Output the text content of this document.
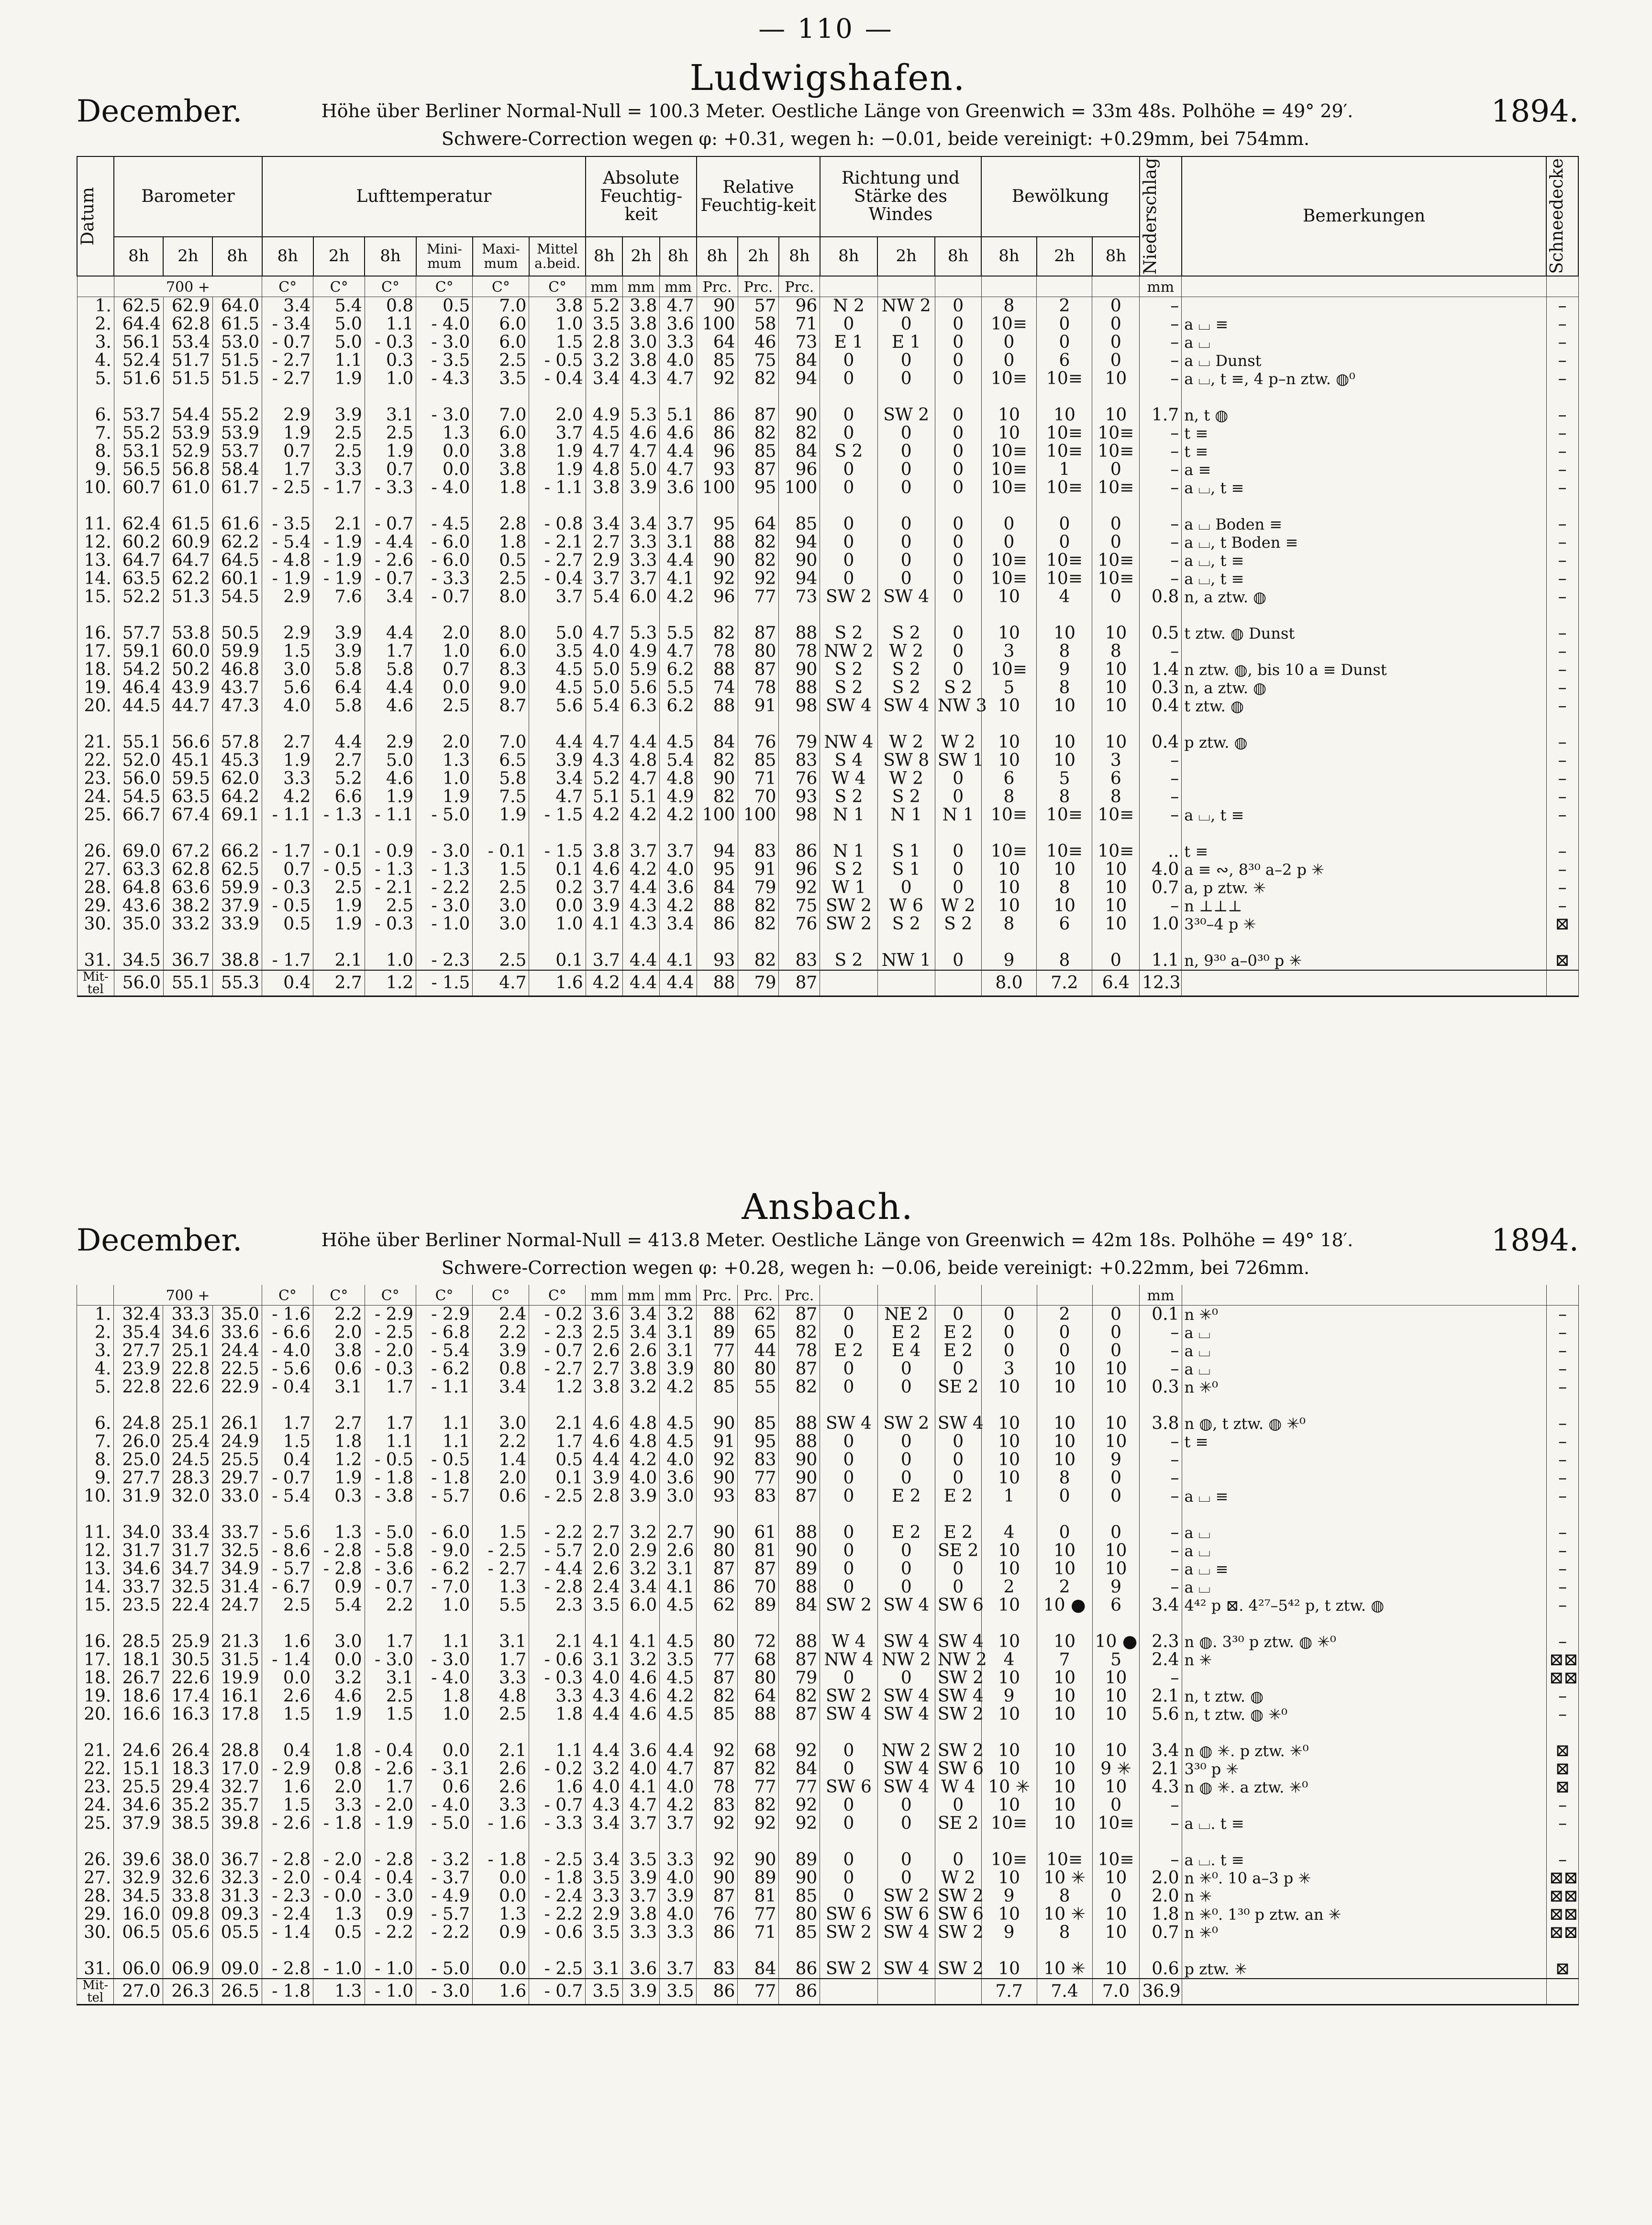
— 110 —
Ludwigshafen.
December.	Höhe über Berliner Normal-Null = 100.3 Meter. Oestliche Länge von Greenwich = 33m 48s. Polhöhe = 49° 29′.	1894.
Schwere-Correction wegen φ: +0.31, wegen h: −0.01, beide vereinigt: +0.29mm, bei 754mm.
Datum	Barometer			Lufttemperatur						Absolute Feuchtig-keit			Relative Feuchtig-keit			Richtung und Stärke des Windes			Bewölkung			Niederschlag	Bemerkungen	Schneedecke

	8h	2h	8h	8h	2h	8h	Mini-mum	Maxi-mum	Mittel a.beid.	8h	2h	8h	8h	2h	8h	8h	2h	8h	8h	2h	8h			
	700 +			C°	C°	C°	C°	C°	C°	mm	mm	mm	Prc.	Prc.	Prc.							mm		
1.	62.5	62.9	64.0	3.4	5.4	0.8	0.5	7.0	3.8	5.2	3.8	4.7	90	57	96	N 2	NW 2	0	8	2	0	–		–
2.	64.4	62.8	61.5	- 3.4	5.0	1.1	- 4.0	6.0	1.0	3.5	3.8	3.6	100	58	71	0	0	0	10≡	0	0	–	a ⌴ ≡	–
3.	56.1	53.4	53.0	- 0.7	5.0	- 0.3	- 3.0	6.0	1.5	2.8	3.0	3.3	64	46	73	E 1	E 1	0	0	0	0	–	a ⌴	–
4.	52.4	51.7	51.5	- 2.7	1.1	0.3	- 3.5	2.5	- 0.5	3.2	3.8	4.0	85	75	84	0	0	0	0	6	0	–	a ⌴ Dunst	–
5.	51.6	51.5	51.5	- 2.7	1.9	1.0	- 4.3	3.5	- 0.4	3.4	4.3	4.7	92	82	94	0	0	0	10≡	10≡	10	–	a ⌴, t ≡, 4 p–n ztw. ◍⁰	–

6.	53.7	54.4	55.2	2.9	3.9	3.1	- 3.0	7.0	2.0	4.9	5.3	5.1	86	87	90	0	SW 2	0	10	10	10	1.7	n, t ◍	–
7.	55.2	53.9	53.9	1.9	2.5	2.5	1.3	6.0	3.7	4.5	4.6	4.6	86	82	82	0	0	0	10	10≡	10≡	–	t ≡	–
8.	53.1	52.9	53.7	0.7	2.5	1.9	0.0	3.8	1.9	4.7	4.7	4.4	96	85	84	S 2	0	0	10≡	10≡	10≡	–	t ≡	–
9.	56.5	56.8	58.4	1.7	3.3	0.7	0.0	3.8	1.9	4.8	5.0	4.7	93	87	96	0	0	0	10≡	1	0	–	a ≡	–
10.	60.7	61.0	61.7	- 2.5	- 1.7	- 3.3	- 4.0	1.8	- 1.1	3.8	3.9	3.6	100	95	100	0	0	0	10≡	10≡	10≡	–	a ⌴, t ≡	–

11.	62.4	61.5	61.6	- 3.5	2.1	- 0.7	- 4.5	2.8	- 0.8	3.4	3.4	3.7	95	64	85	0	0	0	0	0	0	–	a ⌴ Boden ≡	–
12.	60.2	60.9	62.2	- 5.4	- 1.9	- 4.4	- 6.0	1.8	- 2.1	2.7	3.3	3.1	88	82	94	0	0	0	0	0	0	–	a ⌴, t Boden ≡	–
13.	64.7	64.7	64.5	- 4.8	- 1.9	- 2.6	- 6.0	0.5	- 2.7	2.9	3.3	4.4	90	82	90	0	0	0	10≡	10≡	10≡	–	a ⌴, t ≡	–
14.	63.5	62.2	60.1	- 1.9	- 1.9	- 0.7	- 3.3	2.5	- 0.4	3.7	3.7	4.1	92	92	94	0	0	0	10≡	10≡	10≡	–	a ⌴, t ≡	–
15.	52.2	51.3	54.5	2.9	7.6	3.4	- 0.7	8.0	3.7	5.4	6.0	4.2	96	77	73	SW 2	SW 4	0	10	4	0	0.8	n, a ztw. ◍	–

16.	57.7	53.8	50.5	2.9	3.9	4.4	2.0	8.0	5.0	4.7	5.3	5.5	82	87	88	S 2	S 2	0	10	10	10	0.5	t ztw. ◍ Dunst	–
17.	59.1	60.0	59.9	1.5	3.9	1.7	1.0	6.0	3.5	4.0	4.9	4.7	78	80	78	NW 2	W 2	0	3	8	8	–		–
18.	54.2	50.2	46.8	3.0	5.8	5.8	0.7	8.3	4.5	5.0	5.9	6.2	88	87	90	S 2	S 2	0	10≡	9	10	1.4	n ztw. ◍, bis 10 a ≡ Dunst	–
19.	46.4	43.9	43.7	5.6	6.4	4.4	0.0	9.0	4.5	5.0	5.6	5.5	74	78	88	S 2	S 2	S 2	5	8	10	0.3	n, a ztw. ◍	–
20.	44.5	44.7	47.3	4.0	5.8	4.6	2.5	8.7	5.6	5.4	6.3	6.2	88	91	98	SW 4	SW 4	NW 3	10	10	10	0.4	t ztw. ◍	–

21.	55.1	56.6	57.8	2.7	4.4	2.9	2.0	7.0	4.4	4.7	4.4	4.5	84	76	79	NW 4	W 2	W 2	10	10	10	0.4	p ztw. ◍	–
22.	52.0	45.1	45.3	1.9	2.7	5.0	1.3	6.5	3.9	4.3	4.8	5.4	82	85	83	S 4	SW 8	SW 1	10	10	3	–		–
23.	56.0	59.5	62.0	3.3	5.2	4.6	1.0	5.8	3.4	5.2	4.7	4.8	90	71	76	W 4	W 2	0	6	5	6	–		–
24.	54.5	63.5	64.2	4.2	6.6	1.9	1.9	7.5	4.7	5.1	5.1	4.9	82	70	93	S 2	S 2	0	8	8	8	–		–
25.	66.7	67.4	69.1	- 1.1	- 1.3	- 1.1	- 5.0	1.9	- 1.5	4.2	4.2	4.2	100	100	98	N 1	N 1	N 1	10≡	10≡	10≡	–	a ⌴, t ≡	–

26.	69.0	67.2	66.2	- 1.7	- 0.1	- 0.9	- 3.0	- 0.1	- 1.5	3.8	3.7	3.7	94	83	86	N 1	S 1	0	10≡	10≡	10≡	..	t ≡	–
27.	63.3	62.8	62.5	0.7	- 0.5	- 1.3	- 1.3	1.5	0.1	4.6	4.2	4.0	95	91	96	S 2	S 1	0	10	10	10	4.0	a ≡ ∾, 8³⁰ a–2 p ✳	–
28.	64.8	63.6	59.9	- 0.3	2.5	- 2.1	- 2.2	2.5	0.2	3.7	4.4	3.6	84	79	92	W 1	0	0	10	8	10	0.7	a, p ztw. ✳	–
29.	43.6	38.2	37.9	- 0.5	1.9	2.5	- 3.0	3.0	0.0	3.9	4.3	4.2	88	82	75	SW 2	W 6	W 2	10	10	10	–	n ⊥⊥⊥	–
30.	35.0	33.2	33.9	0.5	1.9	- 0.3	- 1.0	3.0	1.0	4.1	4.3	3.4	86	82	76	SW 2	S 2	S 2	8	6	10	1.0	3³⁰–4 p ✳	⊠

31.	34.5	36.7	38.8	- 1.7	2.1	1.0	- 2.3	2.5	0.1	3.7	4.4	4.1	93	82	83	S 2	NW 1	0	9	8	0	1.1	n, 9³⁰ a–0³⁰ p ✳	⊠
Mit-tel	56.0	55.1	55.3	0.4	2.7	1.2	- 1.5	4.7	1.6	4.2	4.4	4.4	88	79	87				8.0	7.2	6.4	12.3		
Ansbach.
December.	Höhe über Berliner Normal-Null = 413.8 Meter. Oestliche Länge von Greenwich = 42m 18s. Polhöhe = 49° 18′.	1894.
Schwere-Correction wegen φ: +0.28, wegen h: −0.06, beide vereinigt: +0.22mm, bei 726mm.
	700 +			C°	C°	C°	C°	C°	C°	mm	mm	mm	Prc.	Prc.	Prc.							mm		
1.	32.4	33.3	35.0	- 1.6	2.2	- 2.9	- 2.9	2.4	- 0.2	3.6	3.4	3.2	88	62	87	0	NE 2	0	0	2	0	0.1	n ✳⁰	–
2.	35.4	34.6	33.6	- 6.6	2.0	- 2.5	- 6.8	2.2	- 2.3	2.5	3.4	3.1	89	65	82	0	E 2	E 2	0	0	0	–	a ⌴	–
3.	27.7	25.1	24.4	- 4.0	3.8	- 2.0	- 5.4	3.9	- 0.7	2.6	2.6	3.1	77	44	78	E 2	E 4	E 2	0	0	0	–	a ⌴	–
4.	23.9	22.8	22.5	- 5.6	0.6	- 0.3	- 6.2	0.8	- 2.7	2.7	3.8	3.9	80	80	87	0	0	0	3	10	10	–	a ⌴	–
5.	22.8	22.6	22.9	- 0.4	3.1	1.7	- 1.1	3.4	1.2	3.8	3.2	4.2	85	55	82	0	0	SE 2	10	10	10	0.3	n ✳⁰	–

6.	24.8	25.1	26.1	1.7	2.7	1.7	1.1	3.0	2.1	4.6	4.8	4.5	90	85	88	SW 4	SW 2	SW 4	10	10	10	3.8	n ◍, t ztw. ◍ ✳⁰	–
7.	26.0	25.4	24.9	1.5	1.8	1.1	1.1	2.2	1.7	4.6	4.8	4.5	91	95	88	0	0	0	10	10	10	–	t ≡	–
8.	25.0	24.5	25.5	0.4	1.2	- 0.5	- 0.5	1.4	0.5	4.4	4.2	4.0	92	83	90	0	0	0	10	10	9	–		–
9.	27.7	28.3	29.7	- 0.7	1.9	- 1.8	- 1.8	2.0	0.1	3.9	4.0	3.6	90	77	90	0	0	0	10	8	0	–		–
10.	31.9	32.0	33.0	- 5.4	0.3	- 3.8	- 5.7	0.6	- 2.5	2.8	3.9	3.0	93	83	87	0	E 2	E 2	1	0	0	–	a ⌴ ≡	–

11.	34.0	33.4	33.7	- 5.6	1.3	- 5.0	- 6.0	1.5	- 2.2	2.7	3.2	2.7	90	61	88	0	E 2	E 2	4	0	0	–	a ⌴	–
12.	31.7	31.7	32.5	- 8.6	- 2.8	- 5.8	- 9.0	- 2.5	- 5.7	2.0	2.9	2.6	80	81	90	0	0	SE 2	10	10	10	–	a ⌴	–
13.	34.6	34.7	34.9	- 5.7	- 2.8	- 3.6	- 6.2	- 2.7	- 4.4	2.6	3.2	3.1	87	87	89	0	0	0	10	10	10	–	a ⌴ ≡	–
14.	33.7	32.5	31.4	- 6.7	0.9	- 0.7	- 7.0	1.3	- 2.8	2.4	3.4	4.1	86	70	88	0	0	0	2	2	9	–	a ⌴	–
15.	23.5	22.4	24.7	2.5	5.4	2.2	1.0	5.5	2.3	3.5	6.0	4.5	62	89	84	SW 2	SW 4	SW 6	10	10 ●	6	3.4	4⁴² p ⊠. 4²⁷–5⁴² p, t ztw. ◍	–

16.	28.5	25.9	21.3	1.6	3.0	1.7	1.1	3.1	2.1	4.1	4.1	4.5	80	72	88	W 4	SW 4	SW 4	10	10	10 ●	2.3	n ◍. 3³⁰ p ztw. ◍ ✳⁰	–
17.	18.1	30.5	31.5	- 1.4	0.0	- 3.0	- 3.0	1.7	- 0.6	3.1	3.2	3.5	77	68	87	NW 4	NW 2	NW 2	4	7	5	2.4	n ✳	⊠⊠
18.	26.7	22.6	19.9	0.0	3.2	3.1	- 4.0	3.3	- 0.3	4.0	4.6	4.5	87	80	79	0	0	SW 2	10	10	10	–		⊠⊠
19.	18.6	17.4	16.1	2.6	4.6	2.5	1.8	4.8	3.3	4.3	4.6	4.2	82	64	82	SW 2	SW 4	SW 4	9	10	10	2.1	n, t ztw. ◍	–
20.	16.6	16.3	17.8	1.5	1.9	1.5	1.0	2.5	1.8	4.4	4.6	4.5	85	88	87	SW 4	SW 4	SW 2	10	10	10	5.6	n, t ztw. ◍ ✳⁰	–

21.	24.6	26.4	28.8	0.4	1.8	- 0.4	0.0	2.1	1.1	4.4	3.6	4.4	92	68	92	0	NW 2	SW 2	10	10	10	3.4	n ◍ ✳. p ztw. ✳⁰	⊠
22.	15.1	18.3	17.0	- 2.9	0.8	- 2.6	- 3.1	2.6	- 0.2	3.2	4.0	4.7	87	82	84	0	SW 4	SW 6	10	10	9 ✳	2.1	3³⁰ p ✳	⊠
23.	25.5	29.4	32.7	1.6	2.0	1.7	0.6	2.6	1.6	4.0	4.1	4.0	78	77	77	SW 6	SW 4	W 4	10 ✳	10	10	4.3	n ◍ ✳. a ztw. ✳⁰	⊠
24.	34.6	35.2	35.7	1.5	3.3	- 2.0	- 4.0	3.3	- 0.7	4.3	4.7	4.2	83	82	92	0	0	0	10	10	0	–		–
25.	37.9	38.5	39.8	- 2.6	- 1.8	- 1.9	- 5.0	- 1.6	- 3.3	3.4	3.7	3.7	92	92	92	0	0	SE 2	10≡	10	10≡	–	a ⌴. t ≡	–

26.	39.6	38.0	36.7	- 2.8	- 2.0	- 2.8	- 3.2	- 1.8	- 2.5	3.4	3.5	3.3	92	90	89	0	0	0	10≡	10≡	10≡	–	a ⌴. t ≡	–
27.	32.9	32.6	32.3	- 2.0	- 0.4	- 0.4	- 3.7	0.0	- 1.8	3.5	3.9	4.0	90	89	90	0	0	W 2	10	10 ✳	10	2.0	n ✳⁰. 10 a–3 p ✳	⊠⊠
28.	34.5	33.8	31.3	- 2.3	- 0.0	- 3.0	- 4.9	0.0	- 2.4	3.3	3.7	3.9	87	81	85	0	SW 2	SW 2	9	8	0	2.0	n ✳	⊠⊠
29.	16.0	09.8	09.3	- 2.4	1.3	0.9	- 5.7	1.3	- 2.2	2.9	3.8	4.0	76	77	80	SW 6	SW 6	SW 6	10	10 ✳	10	1.8	n ✳⁰. 1³⁰ p ztw. an ✳	⊠⊠
30.	06.5	05.6	05.5	- 1.4	0.5	- 2.2	- 2.2	0.9	- 0.6	3.5	3.3	3.3	86	71	85	SW 2	SW 4	SW 2	9	8	10	0.7	n ✳⁰	⊠⊠

31.	06.0	06.9	09.0	- 2.8	- 1.0	- 1.0	- 5.0	0.0	- 2.5	3.1	3.6	3.7	83	84	86	SW 2	SW 4	SW 2	10	10 ✳	10	0.6	p ztw. ✳	⊠
Mit-tel	27.0	26.3	26.5	- 1.8	1.3	- 1.0	- 3.0	1.6	- 0.7	3.5	3.9	3.5	86	77	86				7.7	7.4	7.0	36.9		
